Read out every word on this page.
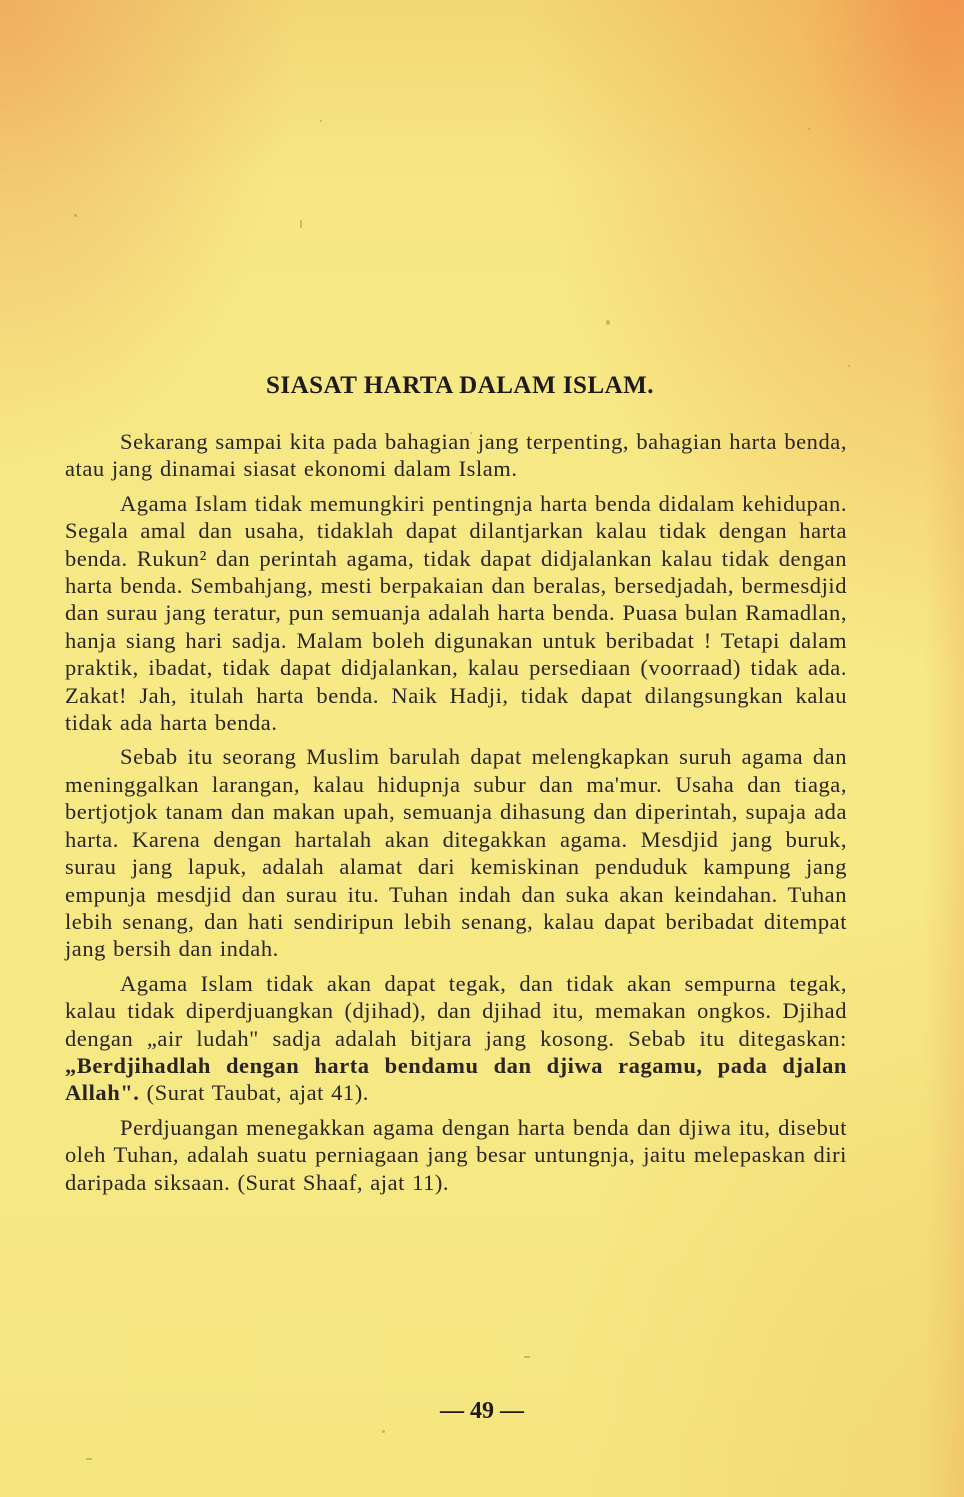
SIASAT HARTA DALAM ISLAM.

Sekarang sampai kita pada bahagian jang terpenting, bahagian harta benda, atau jang dinamai siasat ekonomi dalam Islam.

Agama Islam tidak memungkiri pentingnja harta benda didalam kehidupan. Segala amal dan usaha, tidaklah dapat dilantjarkan kalau tidak dengan harta benda. Rukun² dan perintah agama, tidak dapat didjalankan kalau tidak dengan harta benda. Sembahjang, mesti berpakaian dan beralas, bersedjadah, bermesdjid dan surau jang teratur, pun semuanja adalah harta benda. Puasa bulan Ramadlan, hanja siang hari sadja. Malam boleh digunakan untuk beribadat ! Tetapi dalam praktik, ibadat, tidak dapat didjalankan, kalau persediaan (voorraad) tidak ada. Zakat! Jah, itulah harta benda. Naik Hadji, tidak dapat dilangsungkan kalau tidak ada harta benda.

Sebab itu seorang Muslim barulah dapat melengkapkan suruh agama dan meninggalkan larangan, kalau hidupnja subur dan ma'mur. Usaha dan tiaga, bertjotjok tanam dan makan upah, semuanja dihasung dan diperintah, supaja ada harta. Karena dengan hartalah akan ditegakkan agama. Mesdjid jang buruk, surau jang lapuk, adalah alamat dari kemiskinan penduduk kampung jang empunja mesdjid dan surau itu. Tuhan indah dan suka akan keindahan. Tuhan lebih senang, dan hati sendiripun lebih senang, kalau dapat beribadat ditempat jang bersih dan indah.

Agama Islam tidak akan dapat tegak, dan tidak akan sempurna tegak, kalau tidak diperdjuangkan (djihad), dan djihad itu, memakan ongkos. Djihad dengan „air ludah" sadja adalah bitjara jang kosong. Sebab itu ditegaskan: „Berdjihadlah dengan harta bendamu dan djiwa ragamu, pada djalan Allah". (Surat Taubat, ajat 41).

Perdjuangan menegakkan agama dengan harta benda dan djiwa itu, disebut oleh Tuhan, adalah suatu perniagaan jang besar untungnja, jaitu melepaskan diri daripada siksaan. (Surat Shaaf, ajat 11).

— 49 —
